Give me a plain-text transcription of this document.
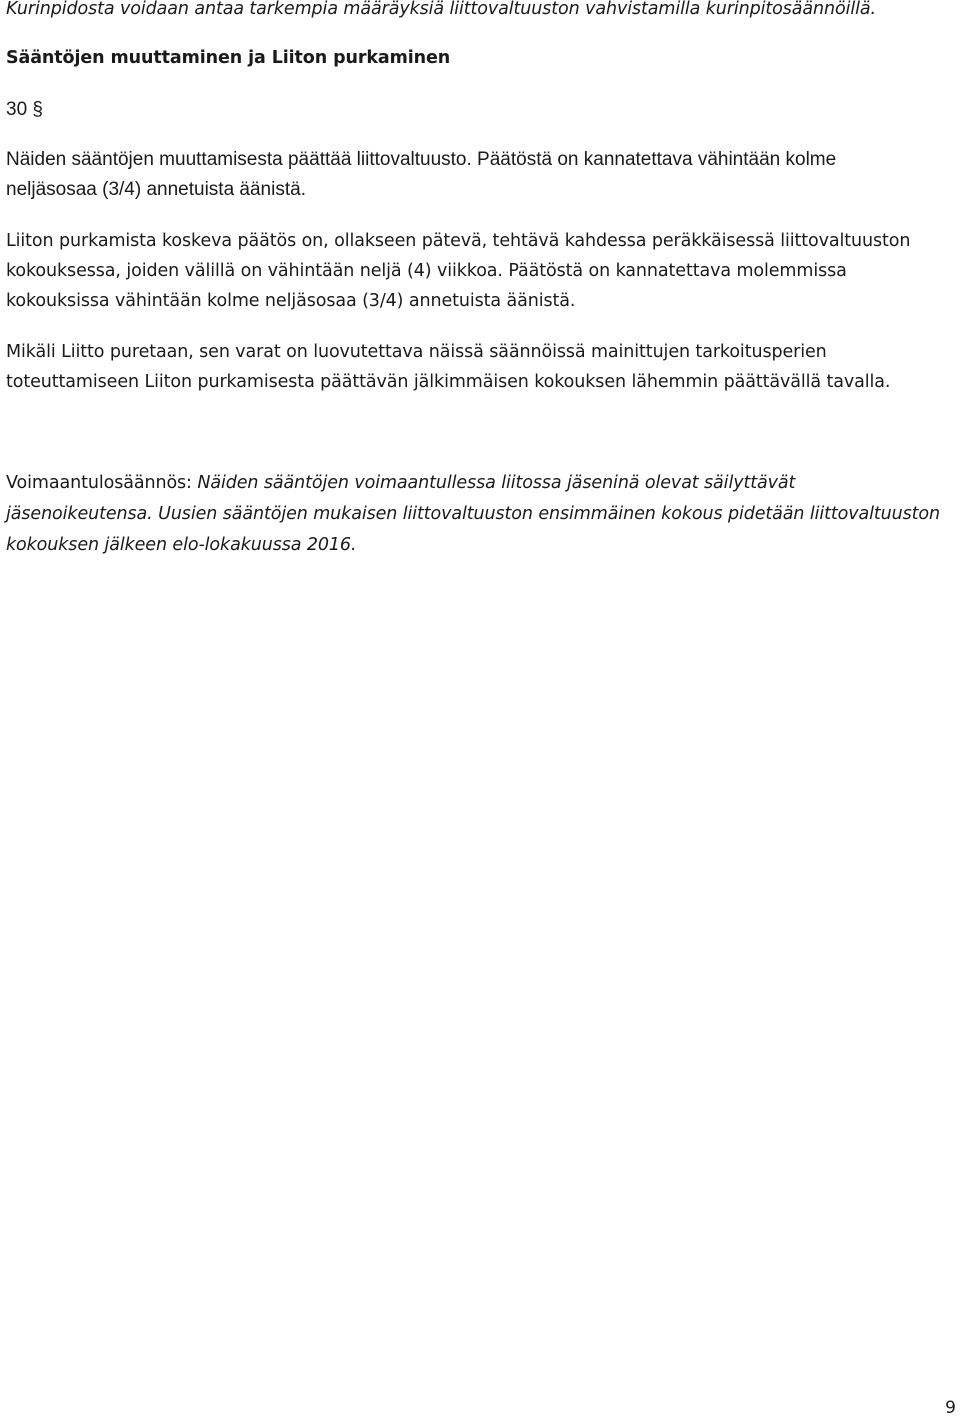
Kurinpidosta voidaan antaa tarkempia määräyksiä liittovaltuuston vahvistamilla kurinpitosäännöillä.
Sääntöjen muuttaminen ja Liiton purkaminen
30 §
Näiden sääntöjen muuttamisesta päättää liittovaltuusto. Päätöstä on kannatettava vähintään kolme
neljäsosaa (3/4) annetuista äänistä.
Liiton purkamista koskeva päätös on, ollakseen pätevä, tehtävä kahdessa peräkkäisessä liittovaltuuston
kokouksessa, joiden välillä on vähintään neljä (4) viikkoa. Päätöstä on kannatettava molemmissa
kokouksissa vähintään kolme neljäsosaa (3/4) annetuista äänistä.
Mikäli Liitto puretaan, sen varat on luovutettava näissä säännöissä mainittujen tarkoitusperien
toteuttamiseen Liiton purkamisesta päättävän jälkimmäisen kokouksen lähemmin päättävällä tavalla.
Voimaantulosäännös: Näiden sääntöjen voimaantullessa liitossa jäseninä olevat säilyttävät
jäsenoikeutensa. Uusien sääntöjen mukaisen liittovaltuuston ensimmäinen kokous pidetään liittovaltuuston
kokouksen jälkeen elo-lokakuussa 2016.
9
